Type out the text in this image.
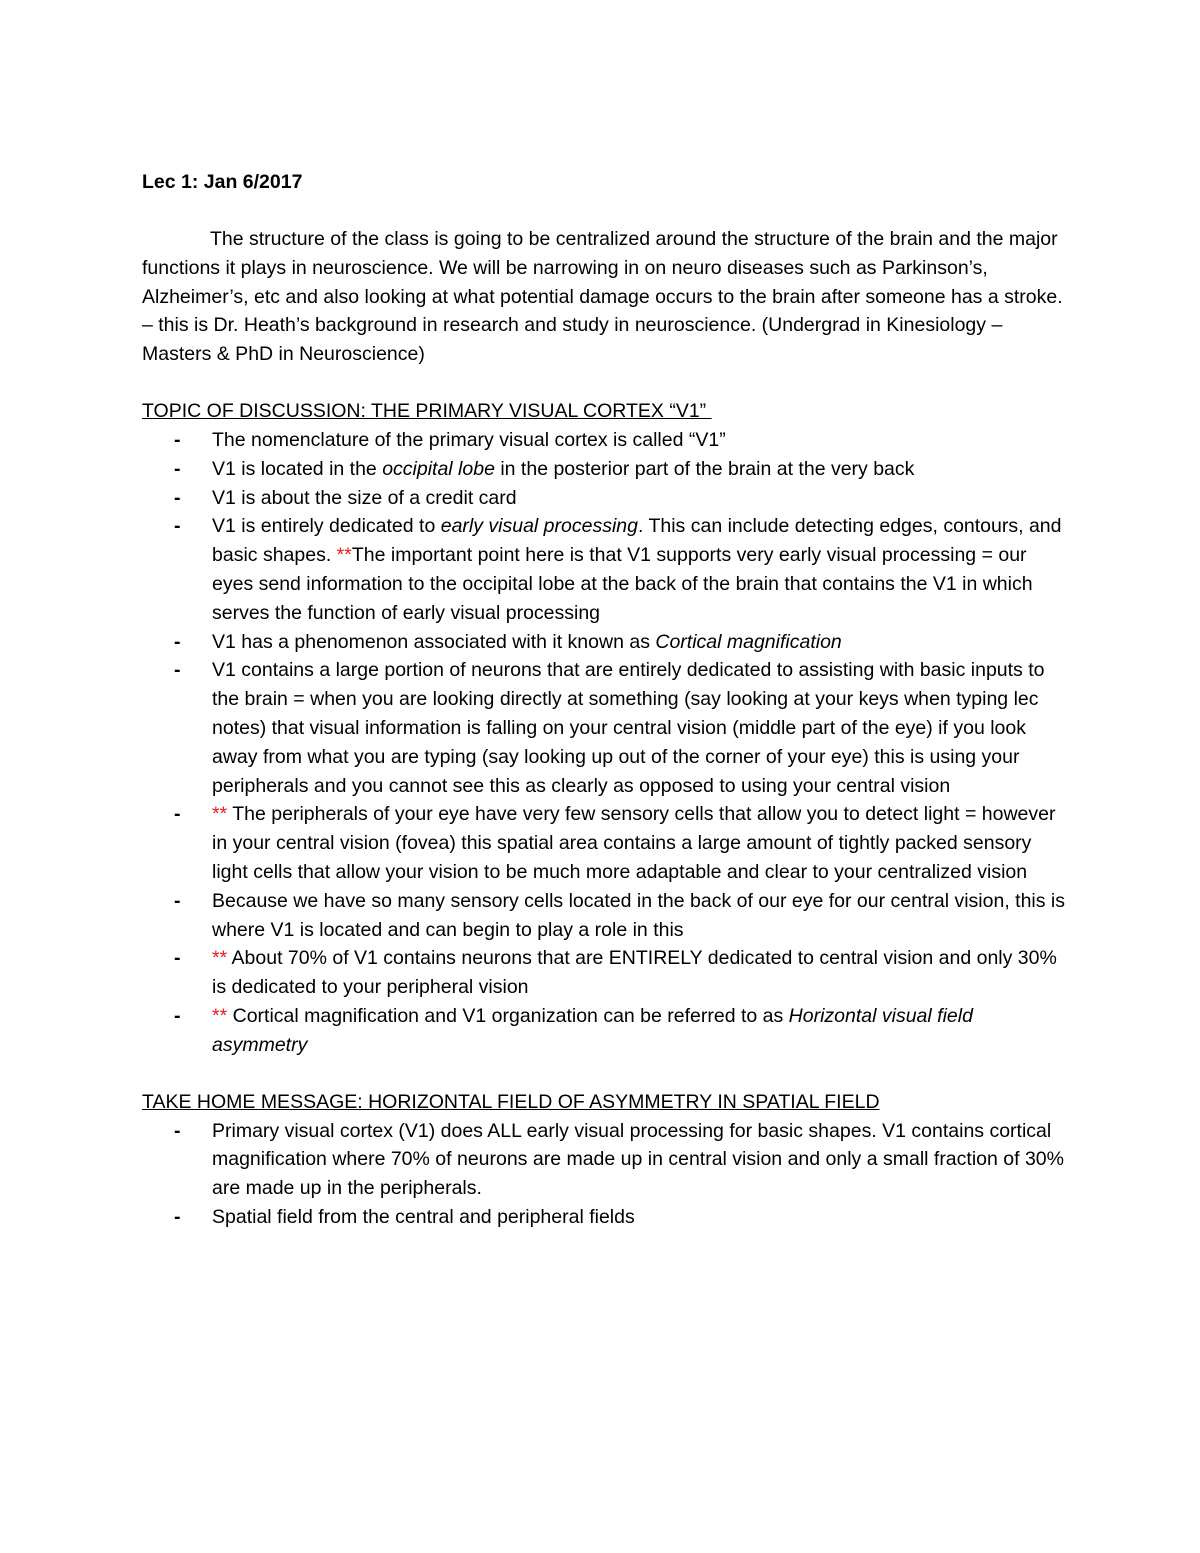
Lec 1: Jan 6/2017

The structure of the class is going to be centralized around the structure of the brain and the major functions it plays in neuroscience. We will be narrowing in on neuro diseases such as Parkinson’s, Alzheimer’s, etc and also looking at what potential damage occurs to the brain after someone has a stroke. – this is Dr. Heath’s background in research and study in neuroscience. (Undergrad in Kinesiology – Masters & PhD in Neuroscience)

TOPIC OF DISCUSSION: THE PRIMARY VISUAL CORTEX “V1”
- The nomenclature of the primary visual cortex is called “V1”
- V1 is located in the occipital lobe in the posterior part of the brain at the very back
- V1 is about the size of a credit card
- V1 is entirely dedicated to early visual processing. This can include detecting edges, contours, and basic shapes. **The important point here is that V1 supports very early visual processing = our eyes send information to the occipital lobe at the back of the brain that contains the V1 in which serves the function of early visual processing
- V1 has a phenomenon associated with it known as Cortical magnification
- V1 contains a large portion of neurons that are entirely dedicated to assisting with basic inputs to the brain = when you are looking directly at something (say looking at your keys when typing lec notes) that visual information is falling on your central vision (middle part of the eye) if you look away from what you are typing (say looking up out of the corner of your eye) this is using your peripherals and you cannot see this as clearly as opposed to using your central vision
- ** The peripherals of your eye have very few sensory cells that allow you to detect light = however in your central vision (fovea) this spatial area contains a large amount of tightly packed sensory light cells that allow your vision to be much more adaptable and clear to your centralized vision
- Because we have so many sensory cells located in the back of our eye for our central vision, this is where V1 is located and can begin to play a role in this
- ** About 70% of V1 contains neurons that are ENTIRELY dedicated to central vision and only 30% is dedicated to your peripheral vision
- ** Cortical magnification and V1 organization can be referred to as Horizontal visual field asymmetry
TAKE HOME MESSAGE: HORIZONTAL FIELD OF ASYMMETRY IN SPATIAL FIELD
- Primary visual cortex (V1) does ALL early visual processing for basic shapes. V1 contains cortical magnification where 70% of neurons are made up in central vision and only a small fraction of 30% are made up in the peripherals.
- Spatial field from the central and peripheral fields
